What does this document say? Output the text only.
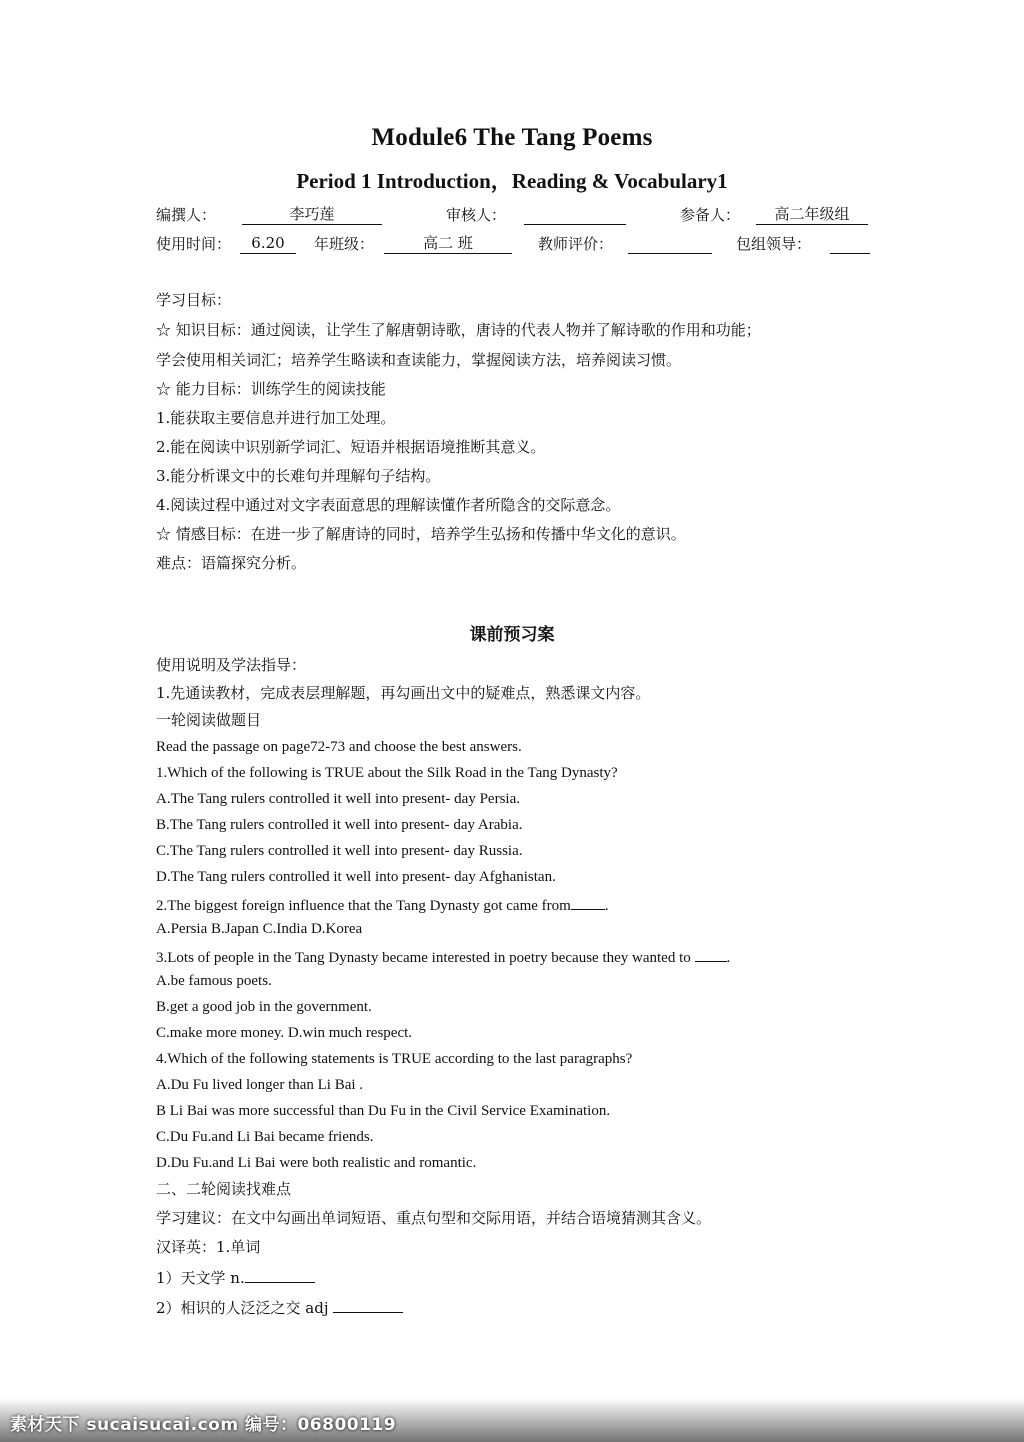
Module6 The Tang Poems
Period 1 Introduction，Reading & Vocabulary1
编撰人：	李巧莲	审核人：	参备人：	高二年级组
使用时间：	6.20	年班级：	高二 班	教师评价：	包组领导：
学习目标：
☆ 知识目标：通过阅读，让学生了解唐朝诗歌，唐诗的代表人物并了解诗歌的作用和功能；
学会使用相关词汇；培养学生略读和查读能力，掌握阅读方法，培养阅读习惯。
☆ 能力目标：训练学生的阅读技能
1.能获取主要信息并进行加工处理。
2.能在阅读中识别新学词汇、短语并根据语境推断其意义。
3.能分析课文中的长难句并理解句子结构。
4.阅读过程中通过对文字表面意思的理解读懂作者所隐含的交际意念。
☆ 情感目标：在进一步了解唐诗的同时，培养学生弘扬和传播中华文化的意识。
难点：语篇探究分析。
课前预习案
使用说明及学法指导：
1.先通读教材，完成表层理解题，再勾画出文中的疑难点，熟悉课文内容。
一轮阅读做题目
Read the passage on page72-73 and choose the best answers.
1.Which of the following is TRUE about the Silk Road in the Tang Dynasty?
A.The Tang rulers controlled it well into present- day Persia.
B.The Tang rulers controlled it well into present- day Arabia.
C.The Tang rulers controlled it well into present- day Russia.
D.The Tang rulers controlled it well into present- day Afghanistan.
2.The biggest foreign influence that the Tang Dynasty got came from .
A.Persia B.Japan C.India D.Korea
3.Lots of people in the Tang Dynasty became interested in poetry because they wanted to .
A.be famous poets.
B.get a good job in the government.
C.make more money. D.win much respect.
4.Which of the following statements is TRUE according to the last paragraphs?
A.Du Fu lived longer than Li Bai .
B Li Bai was more successful than Du Fu in the Civil Service Examination.
C.Du Fu.and Li Bai became friends.
D.Du Fu.and Li Bai were both realistic and romantic.
二、二轮阅读找难点
学习建议：在文中勾画出单词短语、重点句型和交际用语，并结合语境猜测其含义。
汉译英：1.单词
1）天文学 n.
2）相识的人泛泛之交 adj
素材天下 sucaisucai.com 编号：06800119
